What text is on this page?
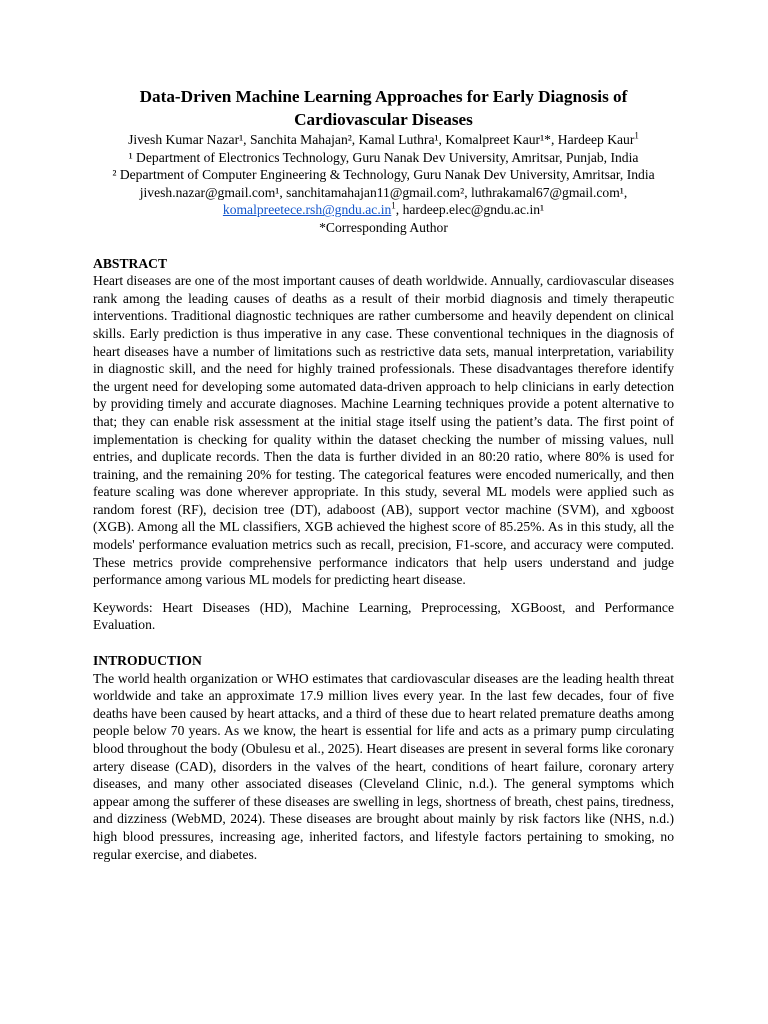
Data-Driven Machine Learning Approaches for Early Diagnosis of Cardiovascular Diseases

Jivesh Kumar Nazar¹, Sanchita Mahajan², Kamal Luthra¹, Komalpreet Kaur¹*, Hardeep Kaur$^1$

¹ Department of Electronics Technology, Guru Nanak Dev University, Amritsar, Punjab, India

² Department of Computer Engineering & Technology, Guru Nanak Dev University, Amritsar, India

jivesh.nazar@gmail.com¹, sanchitamahajan11@gmail.com², luthrakamal67@gmail.com¹,

$komalpreetece.rsh@gndu.ac.in^1$, hardeep.elec@gndu.ac.in¹

*Corresponding Author

ABSTRACT

Heart diseases are one of the most important causes of death worldwide. Annually, cardiovascular diseases rank among the leading causes of deaths as a result of their morbid diagnosis and timely therapeutic interventions. Traditional diagnostic techniques are rather cumbersome and heavily dependent on clinical skills. Early prediction is thus imperative in any case. These conventional techniques in the diagnosis of heart diseases have a number of limitations such as restrictive data sets, manual interpretation, variability in diagnostic skill, and the need for highly trained professionals. These disadvantages therefore identify the urgent need for developing some automated data-driven approach to help clinicians in early detection by providing timely and accurate diagnoses. Machine Learning techniques provide a potent alternative to that; they can enable risk assessment at the initial stage itself using the patient’s data. The first point of implementation is checking for quality within the dataset checking the number of missing values, null entries, and duplicate records. Then the data is further divided in an 80:20 ratio, where 80% is used for training, and the remaining 20% for testing. The categorical features were encoded numerically, and then feature scaling was done wherever appropriate. In this study, several ML models were applied such as random forest (RF), decision tree (DT), adaboost (AB), support vector machine (SVM), and xgboost (XGB). Among all the ML classifiers, XGB achieved the highest score of 85.25%. As in this study, all the models' performance evaluation metrics such as recall, precision, F1-score, and accuracy were computed. These metrics provide comprehensive performance indicators that help users understand and judge performance among various ML models for predicting heart disease.

Keywords: Heart Diseases (HD), Machine Learning, Preprocessing, XGBoost, and Performance Evaluation.

INTRODUCTION

The world health organization or WHO estimates that cardiovascular diseases are the leading health threat worldwide and take an approximate 17.9 million lives every year. In the last few decades, four of five deaths have been caused by heart attacks, and a third of these due to heart related premature deaths among people below 70 years. As we know, the heart is essential for life and acts as a primary pump circulating blood throughout the body (Obulesu et al., 2025). Heart diseases are present in several forms like coronary artery disease (CAD), disorders in the valves of the heart, conditions of heart failure, coronary artery diseases, and many other associated diseases (Cleveland Clinic, n.d.). The general symptoms which appear among the sufferer of these diseases are swelling in legs, shortness of breath, chest pains, tiredness, and dizziness (WebMD, 2024). These diseases are brought about mainly by risk factors like (NHS, n.d.) high blood pressures, increasing age, inherited factors, and lifestyle factors pertaining to smoking, no regular exercise, and diabetes.
